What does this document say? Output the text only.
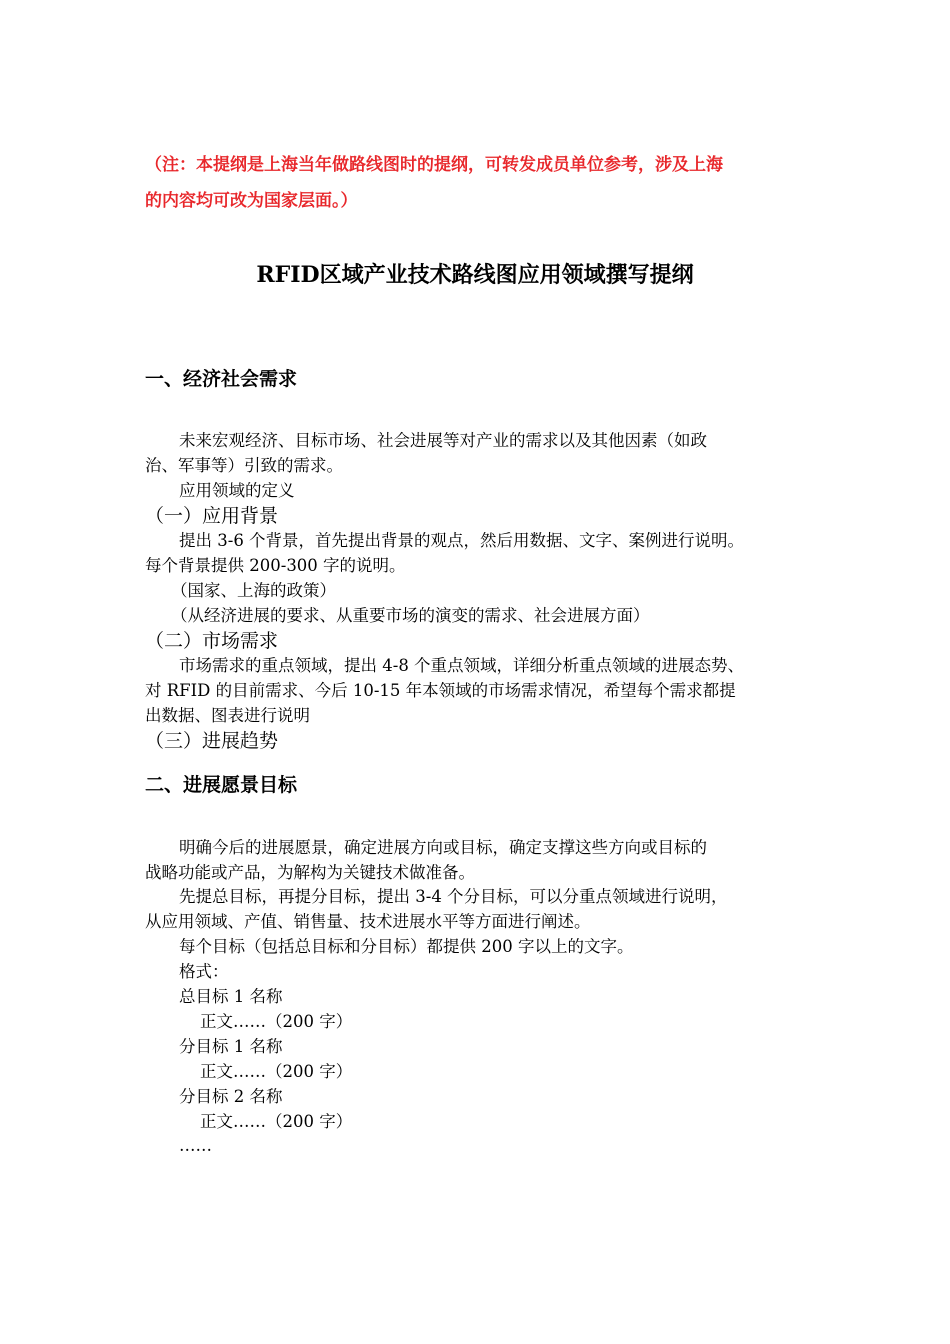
（注：本提纲是上海当年做路线图时的提纲，可转发成员单位参考，涉及上海
的内容均可改为国家层面。）
RFID区域产业技术路线图应用领域撰写提纲
一、经济社会需求
未来宏观经济、目标市场、社会进展等对产业的需求以及其他因素（如政
治、军事等）引致的需求。
应用领域的定义
（一）应用背景
提出 3-6 个背景，首先提出背景的观点，然后用数据、文字、案例进行说明。
每个背景提供 200-300 字的说明。
（国家、上海的政策）
（从经济进展的要求、从重要市场的演变的需求、社会进展方面）
（二）市场需求
市场需求的重点领域，提出 4-8 个重点领域，详细分析重点领域的进展态势、
对 RFID 的目前需求、今后 10-15 年本领域的市场需求情况，希望每个需求都提
出数据、图表进行说明
（三）进展趋势
二、进展愿景目标
明确今后的进展愿景，确定进展方向或目标，确定支撑这些方向或目标的
战略功能或产品，为解构为关键技术做准备。
先提总目标，再提分目标，提出 3-4 个分目标，可以分重点领域进行说明，
从应用领域、产值、销售量、技术进展水平等方面进行阐述。
每个目标（包括总目标和分目标）都提供 200 字以上的文字。
格式：
总目标 1 名称
正文……（200 字）
分目标 1 名称
正文……（200 字）
分目标 2 名称
正文……（200 字）
……
